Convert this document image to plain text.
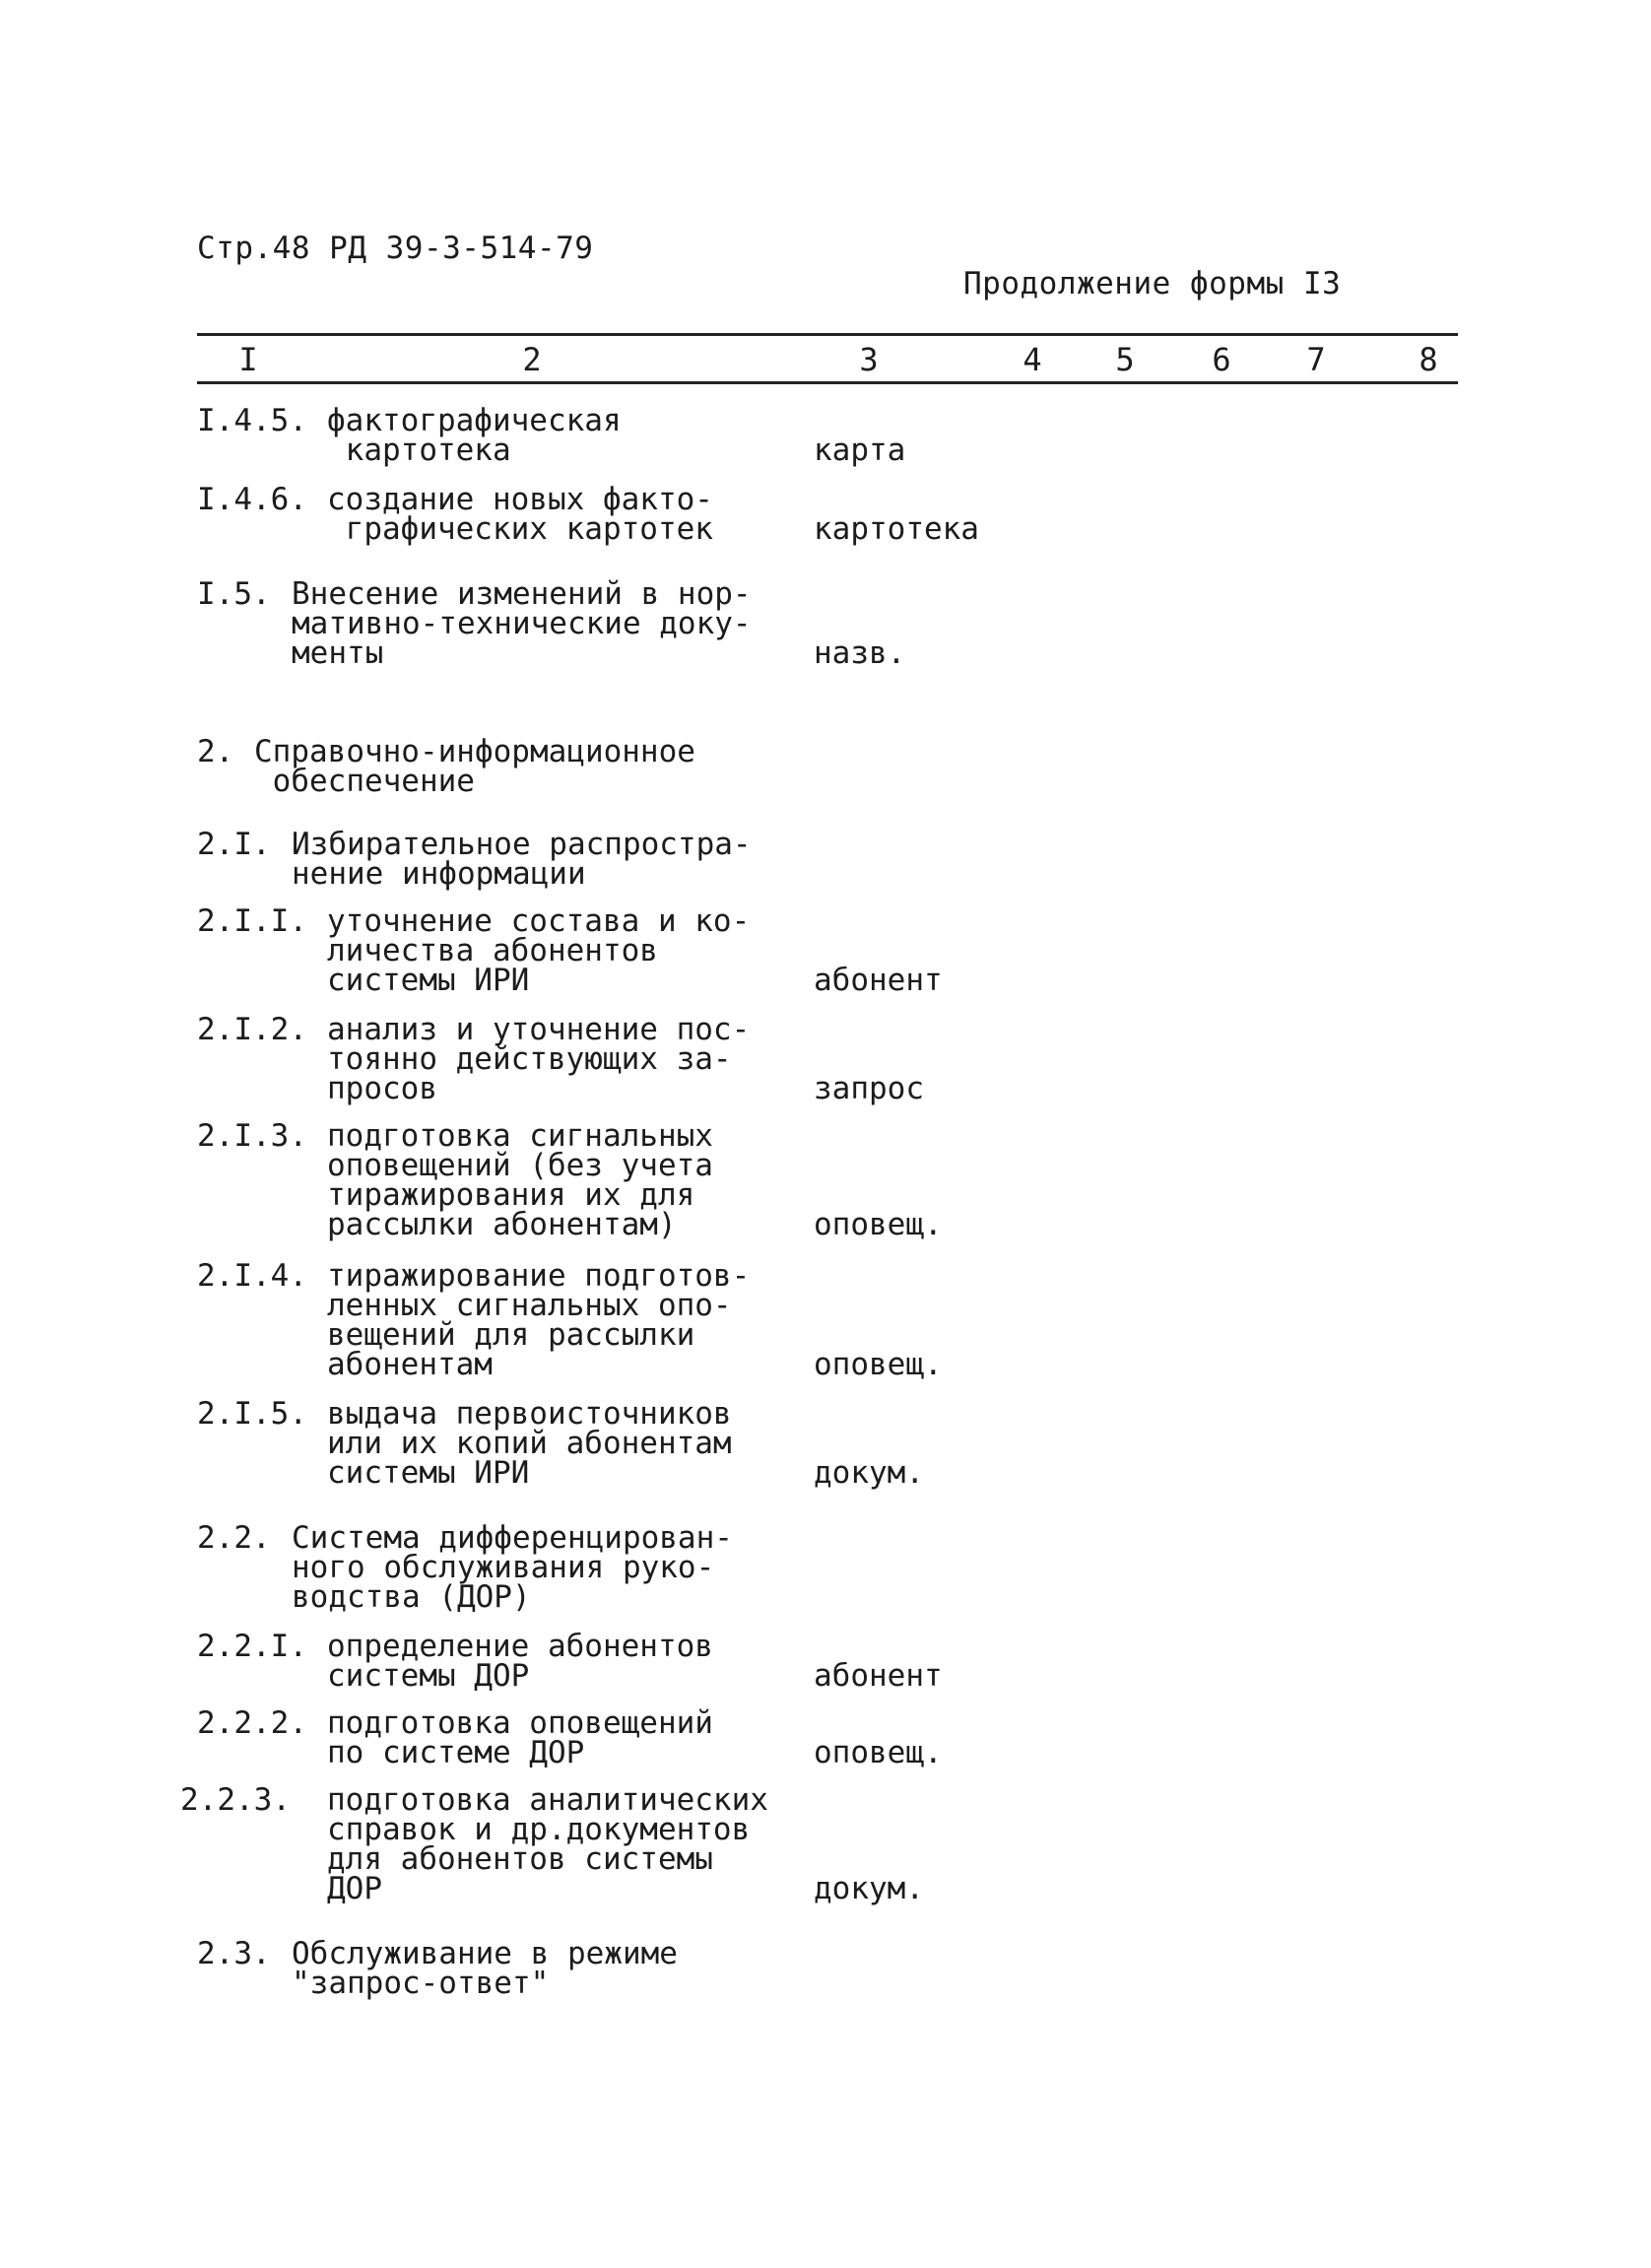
Стр.48 РД 39-3-514-79
Продолжение формы I3
I	2	3	4	5	6	7	8
I.4.5. фактографическая
картотека	карта
I.4.6. создание новых факто-
графических картотек	картотека
I.5. Внесение изменений в нор-
мативно-технические доку-
менты	назв.
2. Справочно-информационное
обеспечение
2.I. Избирательное распростра-
нение информации
2.I.I. уточнение состава и ко-
личества абонентов
системы ИРИ	абонент
2.I.2. анализ и уточнение пос-
тоянно действующих за-
просов	запрос
2.I.3. подготовка сигнальных
оповещений (без учета
тиражирования их для
рассылки абонентам)	оповещ.
2.I.4. тиражирование подготов-
ленных сигнальных опо-
вещений для рассылки
абонентам	оповещ.
2.I.5. выдача первоисточников
или их копий абонентам
системы ИРИ	докум.
2.2. Система дифференцирован-
ного обслуживания руко-
водства (ДОР)
2.2.I. определение абонентов
системы ДОР	абонент
2.2.2. подготовка оповещений
по системе ДОР	оповещ.
2.2.3. подготовка аналитических
справок и др.документов
для абонентов системы
ДОР	докум.
2.3. Обслуживание в режиме
"запрос-ответ"
